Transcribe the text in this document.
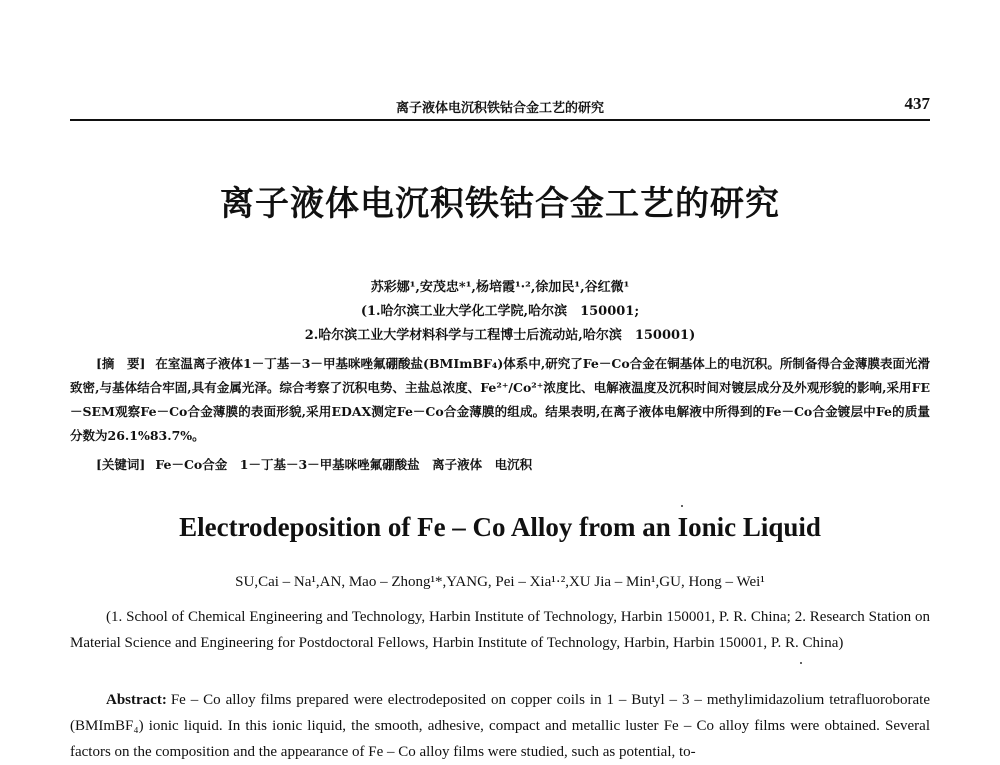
离子液体电沉积铁钴合金工艺的研究	437
离子液体电沉积铁钴合金工艺的研究
苏彩娜¹,安茂忠*¹,杨培霞¹·²,徐加民¹,谷红微¹
(1.哈尔滨工业大学化工学院,哈尔滨　150001;
2.哈尔滨工业大学材料科学与工程博士后流动站,哈尔滨　150001)
[摘　要] 在室温离子液体1－丁基－3－甲基咪唑氟硼酸盐(BMImBF₄)体系中,研究了Fe－Co合金在铜基体上的电沉积。所制备得合金薄膜表面光滑致密,与基体结合牢固,具有金属光泽。综合考察了沉积电势、主盐总浓度、Fe²⁺/Co²⁺浓度比、电解液温度及沉积时间对镀层成分及外观形貌的影响,采用FE－SEM观察Fe－Co合金薄膜的表面形貌,采用EDAX测定Fe－Co合金薄膜的组成。结果表明,在离子液体电解液中所得到的Fe－Co合金镀层中Fe的质量分数为26.1%83.7%。
[关键词] Fe－Co合金　1－丁基－3－甲基咪唑氟硼酸盐　离子液体　电沉积
Electrodeposition of Fe – Co Alloy from an Ionic Liquid
SU,Cai – Na¹,AN, Mao – Zhong¹*,YANG, Pei – Xia¹·²,XU Jia – Min¹,GU, Hong – Wei¹
(1. School of Chemical Engineering and Technology, Harbin Institute of Technology, Harbin 150001, P. R. China; 2. Research Station on Material Science and Engineering for Postdoctoral Fellows, Harbin Institute of Technology, Harbin, Harbin 150001, P. R. China)
Abstract: Fe – Co alloy films prepared were electrodeposited on copper coils in 1 – Butyl – 3 – methylimidazolium tetrafluoroborate (BMImBF₄) ionic liquid. In this ionic liquid, the smooth, adhesive, compact and metallic luster Fe – Co alloy films were obtained. Several factors on the composition and the appearance of Fe – Co alloy films were studied, such as potential, to-
